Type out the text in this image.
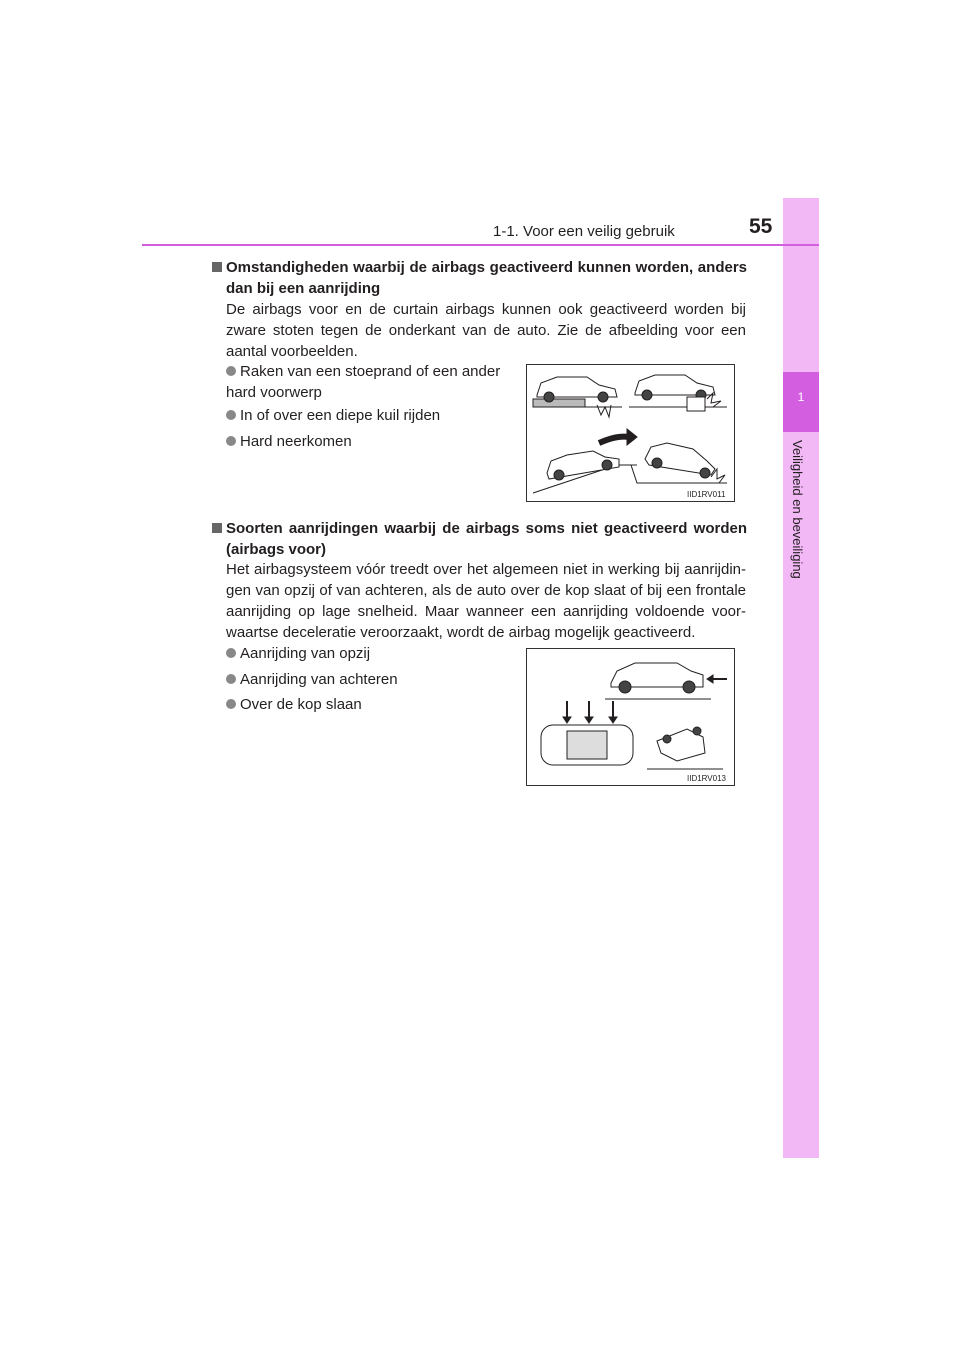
1
Veiligheid en beveiliging
1-1. Voor een veilig gebruik	55
Omstandigheden waarbij de airbags geactiveerd kunnen worden, anders dan bij een aanrijding
De airbags voor en de curtain airbags kunnen ook geactiveerd worden bij zware stoten tegen de onderkant van de auto. Zie de afbeelding voor een aantal voorbeelden.
Raken van een stoeprand of een ander hard voorwerp
In of over een diepe kuil rijden
Hard neerkomen
IID1RV011
Soorten aanrijdingen waarbij de airbags soms niet geactiveerd worden (airbags voor)
Het airbagsysteem vóór treedt over het algemeen niet in werking bij aanrijdin-gen van opzij of van achteren, als de auto over de kop slaat of bij een frontale aanrijding op lage snelheid. Maar wanneer een aanrijding voldoende voor-waartse deceleratie veroorzaakt, wordt de airbag mogelijk geactiveerd.
Aanrijding van opzij
Aanrijding van achteren
Over de kop slaan
IID1RV013
